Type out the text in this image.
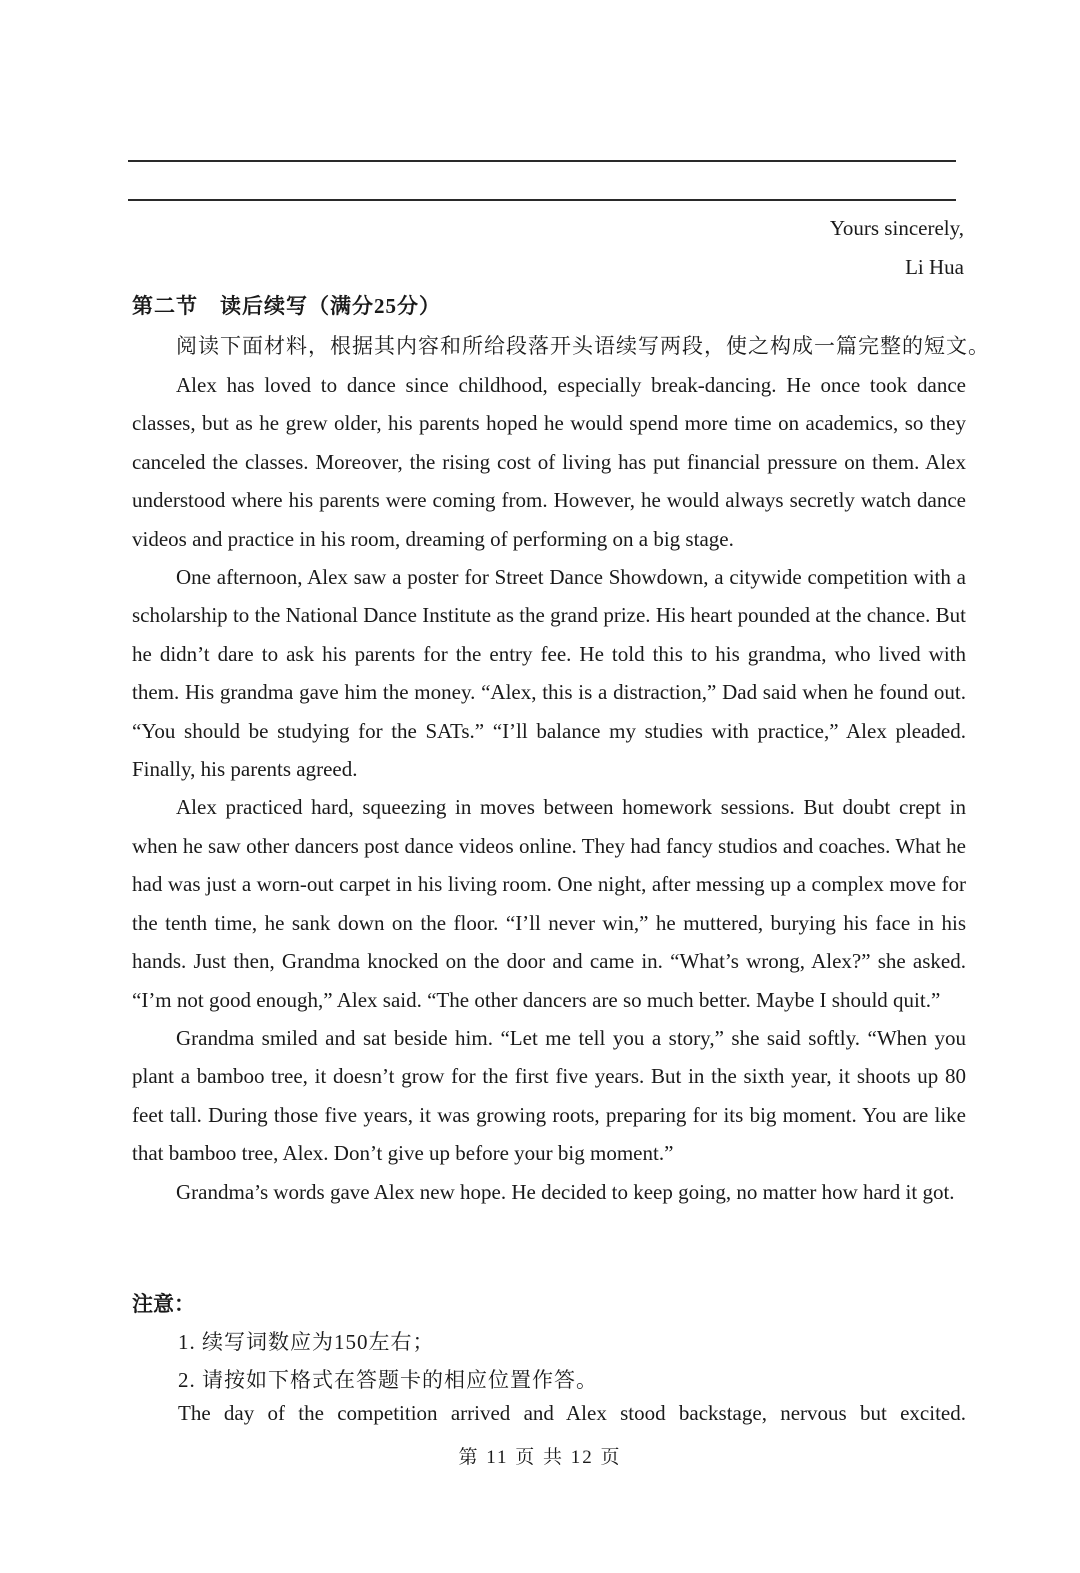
Yours sincerely,
Li Hua
第二节　读后续写（满分25分）
阅读下面材料，根据其内容和所给段落开头语续写两段，使之构成一篇完整的短文。

Alex has loved to dance since childhood, especially break-dancing. He once took dance classes, but as he grew older, his parents hoped he would spend more time on academics, so they canceled the classes. Moreover, the rising cost of living has put financial pressure on them. Alex understood where his parents were coming from. However, he would always secretly watch dance videos and practice in his room, dreaming of performing on a big stage.

One afternoon, Alex saw a poster for Street Dance Showdown, a citywide competition with a scholarship to the National Dance Institute as the grand prize. His heart pounded at the chance. But he didn’t dare to ask his parents for the entry fee. He told this to his grandma, who lived with them. His grandma gave him the money. “Alex, this is a distraction,” Dad said when he found out. “You should be studying for the SATs.” “I’ll balance my studies with practice,” Alex pleaded. Finally, his parents agreed.

Alex practiced hard, squeezing in moves between homework sessions. But doubt crept in when he saw other dancers post dance videos online. They had fancy studios and coaches. What he had was just a worn-out carpet in his living room. One night, after messing up a complex move for the tenth time, he sank down on the floor. “I’ll never win,” he muttered, burying his face in his hands. Just then, Grandma knocked on the door and came in. “What’s wrong, Alex?” she asked. “I’m not good enough,” Alex said. “The other dancers are so much better. Maybe I should quit.”

Grandma smiled and sat beside him. “Let me tell you a story,” she said softly. “When you plant a bamboo tree, it doesn’t grow for the first five years. But in the sixth year, it shoots up 80 feet tall. During those five years, it was growing roots, preparing for its big moment. You are like that bamboo tree, Alex. Don’t give up before your big moment.”

Grandma’s words gave Alex new hope. He decided to keep going, no matter how hard it got.

注意：
1. 续写词数应为150左右；
2. 请按如下格式在答题卡的相应位置作答。
The day of the competition arrived and Alex stood backstage, nervous but excited.
第 11 页 共 12 页
